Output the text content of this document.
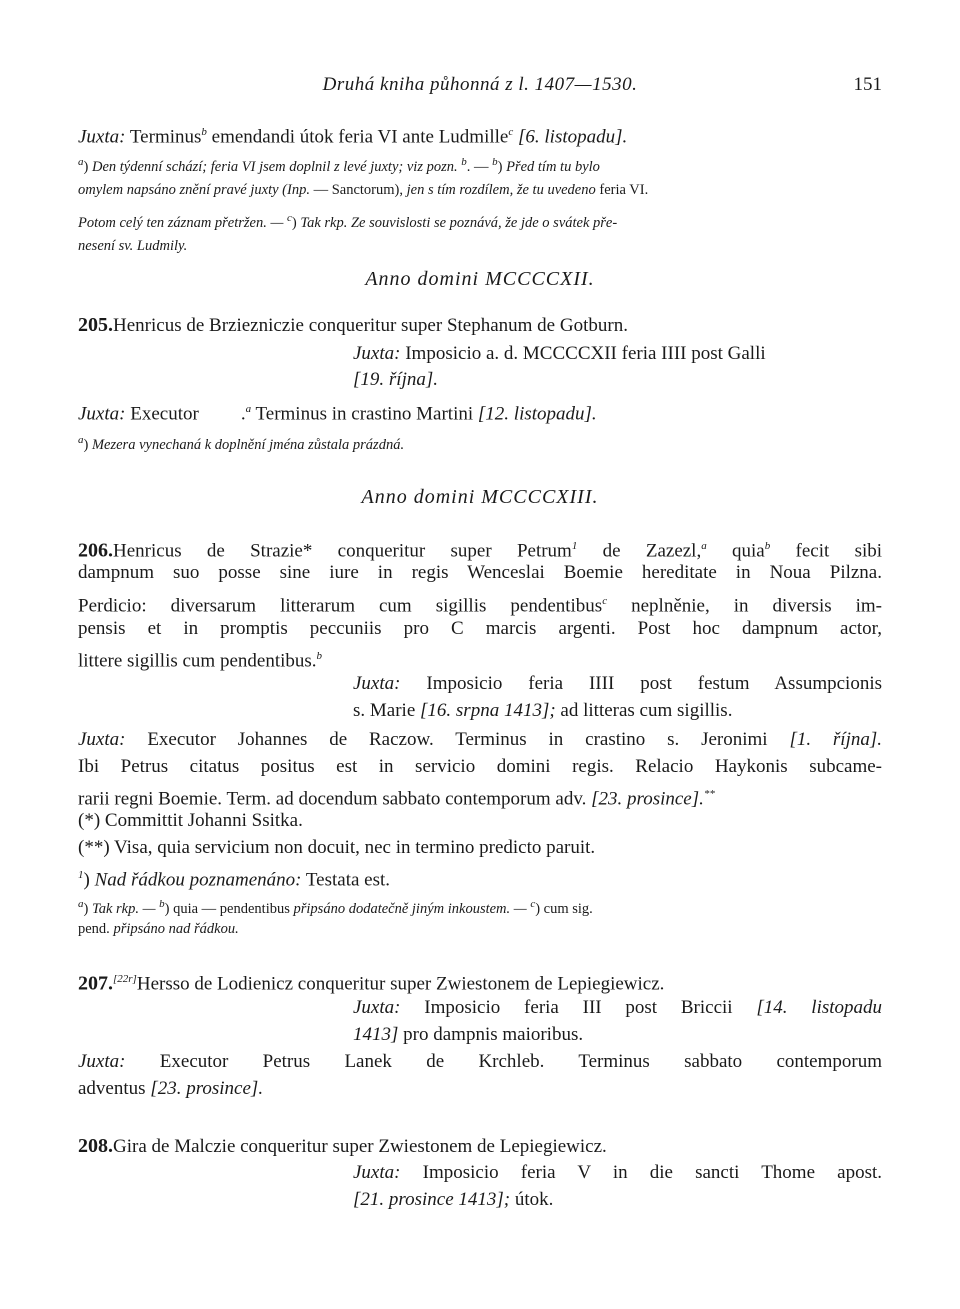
Druhá kniha půhonná z l. 1407—1530.	151
Juxta: Terminus$^b$ emendandi útok feria VI ante Ludmille$^c$ [6. listopadu].
$^a$) Den týdenní schází; feria VI jsem doplnil z levé juxty; viz pozn. $^b$. — $^b$) Před tím tu bylo
omylem napsáno znění pravé juxty (Inp. — Sanctorum), jen s tím rozdílem, že tu uvedeno feria VI.
Potom celý ten záznam přetržen. — $^c$) Tak rkp. Ze souvislosti se poznává, že jde o svátek pře-
nesení sv. Ludmily.
Anno domini MCCCCXII.
205.Henricus de Brziezniczie conqueritur super Stephanum de Gotburn.
Juxta: Imposicio a. d. MCCCCXII feria IIII post Galli
[19. října].
Juxta: Executor .$^a$ Terminus in crastino Martini [12. listopadu].
$^a$) Mezera vynechaná k doplnění jména zůstala prázdná.
Anno domini MCCCCXIII.
206.Henricus de Strazie* conqueritur super Petrum$^1$ de Zazezl,$^a$ quia$^b$ fecit sibi
dampnum suo posse sine iure in regis Wenceslai Boemie hereditate in Noua Pilzna.
Perdicio: diversarum litterarum cum sigillis pendentibus$^c$ neplněnie, in diversis im-
pensis et in promptis peccuniis pro C marcis argenti. Post hoc dampnum actor,
littere sigillis cum pendentibus.$^b$
Juxta: Imposicio feria IIII post festum Assumpcionis
s. Marie [16. srpna 1413]; ad litteras cum sigillis.
Juxta: Executor Johannes de Raczow. Terminus in crastino s. Jeronimi [1. října].
Ibi Petrus citatus positus est in servicio domini regis. Relacio Haykonis subcame-
rarii regni Boemie. Term. ad docendum sabbato contemporum adv. [23. prosince].**
(*) Committit Johanni Ssitka.
(**) Visa, quia servicium non docuit, nec in termino predicto paruit.
$^1$) Nad řádkou poznamenáno: Testata est.
$^a$) Tak rkp. — $^b$) quia — pendentibus připsáno dodatečně jiným inkoustem. — $^c$) cum sig.
pend. připsáno nad řádkou.
207.[22r]Hersso de Lodienicz conqueritur super Zwiestonem de Lepiegiewicz.
Juxta: Imposicio feria III post Briccii [14. listopadu
1413] pro dampnis maioribus.
Juxta: Executor Petrus Lanek de Krchleb. Terminus sabbato contemporum
adventus [23. prosince].
208.Gira de Malczie conqueritur super Zwiestonem de Lepiegiewicz.
Juxta: Imposicio feria V in die sancti Thome apost.
[21. prosince 1413]; útok.
